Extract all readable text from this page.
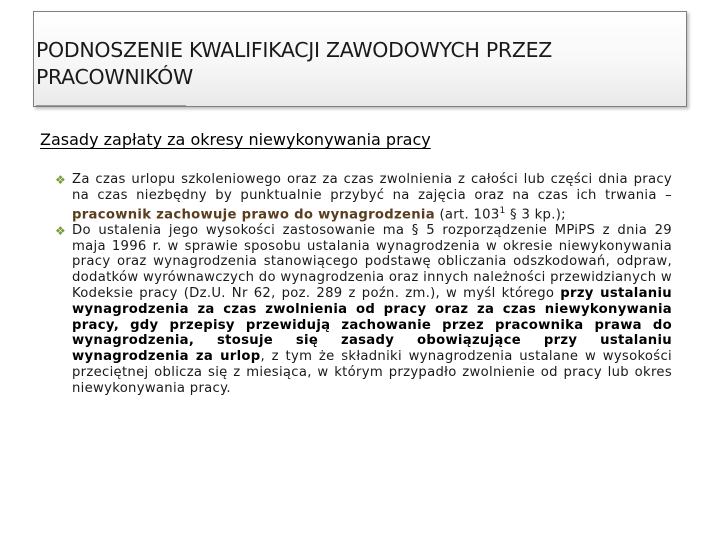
PODNOSZENIE KWALIFIKACJI ZAWODOWYCH PRZEZ PRACOWNIKÓW
Zasady zapłaty za okresy niewykonywania pracy
❖ Za czas urlopu szkoleniowego oraz za czas zwolnienia z całości lub części dnia pracy na czas niezbędny by punktualnie przybyć na zajęcia oraz na czas ich trwania – pracownik zachowuje prawo do wynagrodzenia (art. $103^1$ § 3 kp.);
❖ Do ustalenia jego wysokości zastosowanie ma § 5 rozporządzenie MPiPS z dnia 29 maja 1996 r. w sprawie sposobu ustalania wynagrodzenia w okresie niewykonywania pracy oraz wynagrodzenia stanowiącego podstawę obliczania odszkodowań, odpraw, dodatków wyrównawczych do wynagrodzenia oraz innych należności przewidzianych w Kodeksie pracy (Dz.U. Nr 62, poz. 289 z poźn. zm.), w myśl którego przy ustalaniu wynagrodzenia za czas zwolnienia od pracy oraz za czas niewykonywania pracy, gdy przepisy przewidują zachowanie przez pracownika prawa do wynagrodzenia, stosuje się zasady obowiązujące przy ustalaniu wynagrodzenia za urlop, z tym że składniki wynagrodzenia ustalane w wysokości przeciętnej oblicza się z miesiąca, w którym przypadło zwolnienie od pracy lub okres niewykonywania pracy.
